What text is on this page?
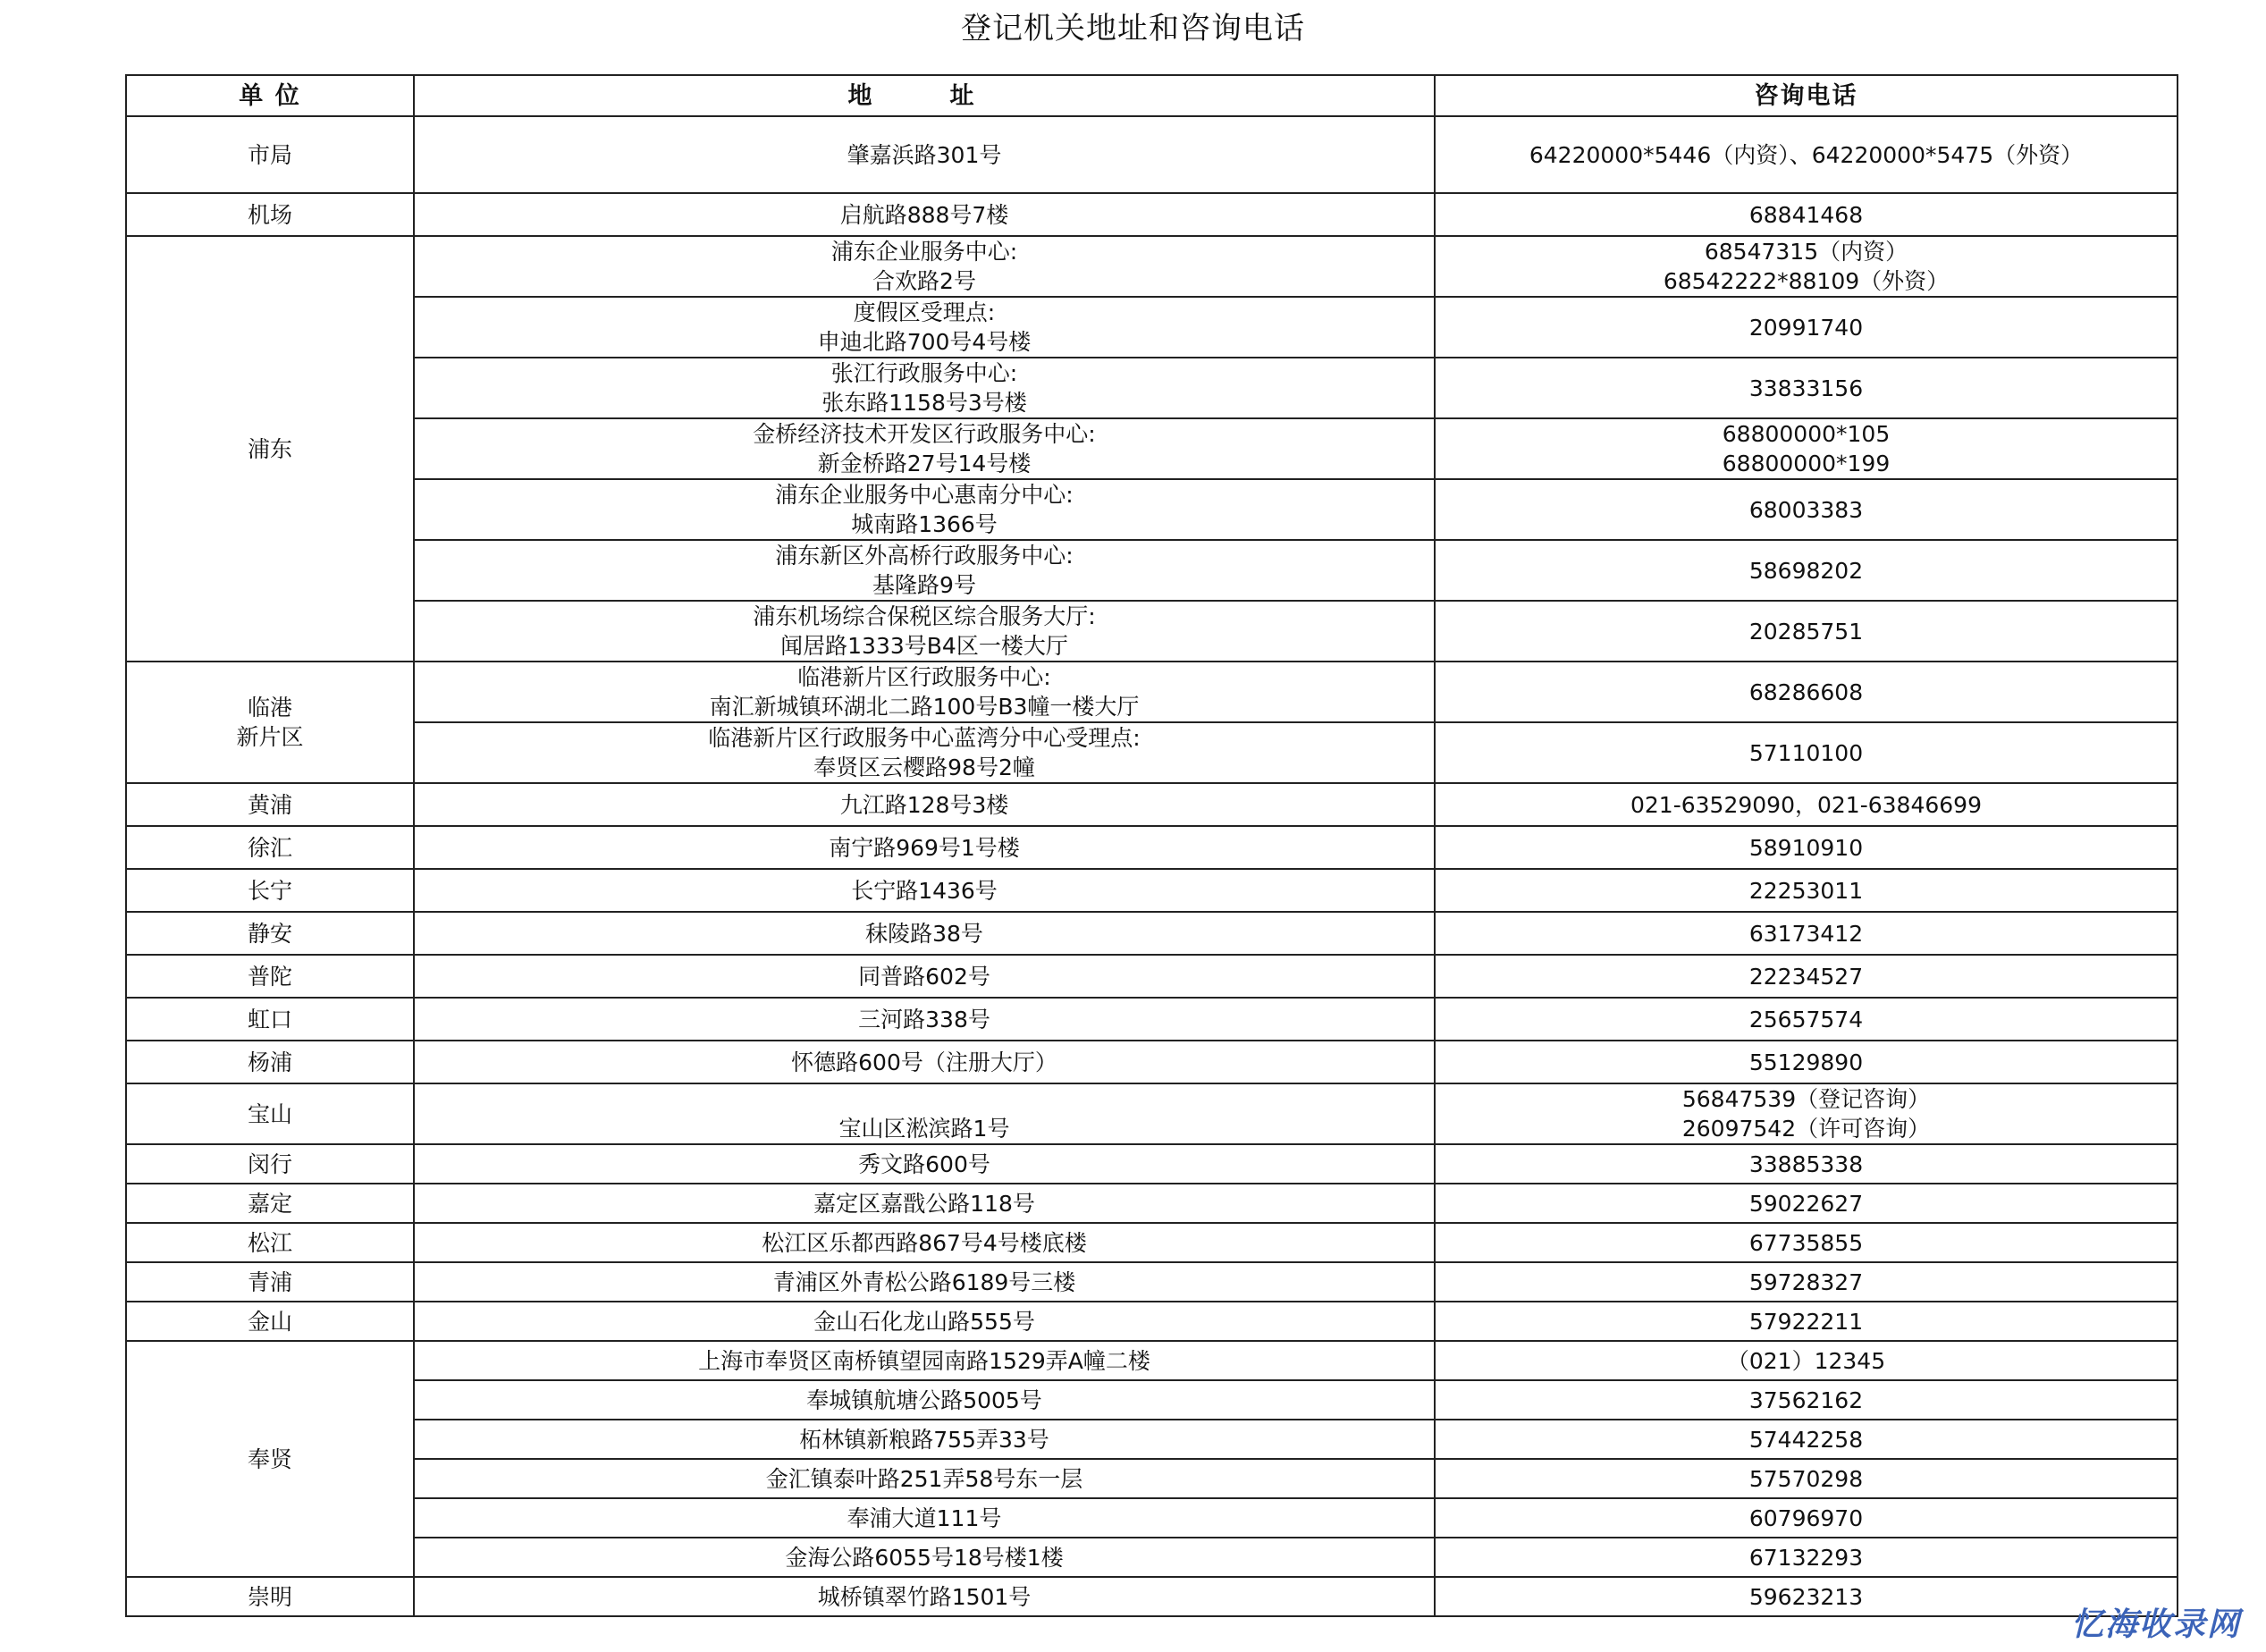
登记机关地址和咨询电话
单 位	地　址	咨询电话

市局	肇嘉浜路301号	64220000*5446（内资）、64220000*5475（外资）

机场	启航路888号7楼	68841468

浦东	浦东企业服务中心:
合欢路2号	68547315（内资）
68542222*88109（外资）

	度假区受理点:
申迪北路700号4号楼	20991740

	张江行政服务中心:
张东路1158号3号楼	33833156

	金桥经济技术开发区行政服务中心:
新金桥路27号14号楼	68800000*105
68800000*199

	浦东企业服务中心惠南分中心:
城南路1366号	68003383

	浦东新区外高桥行政服务中心:
基隆路9号	58698202

	浦东机场综合保税区综合服务大厅:
闻居路1333号B4区一楼大厅	20285751

临港
新片区	临港新片区行政服务中心:
南汇新城镇环湖北二路100号B3幢一楼大厅	68286608

	临港新片区行政服务中心蓝湾分中心受理点:
奉贤区云樱路98号2幢	57110100

黄浦	九江路128号3楼	021-63529090，021-63846699

徐汇	南宁路969号1号楼	58910910

长宁	长宁路1436号	22253011

静安	秣陵路38号	63173412

普陀	同普路602号	22234527

虹口	三河路338号	25657574

杨浦	怀德路600号（注册大厅）	55129890

宝山	宝山区淞滨路1号	56847539（登记咨询）
26097542（许可咨询）

闵行	秀文路600号	33885338

嘉定	嘉定区嘉戬公路118号	59022627

松江	松江区乐都西路867号4号楼底楼	67735855

青浦	青浦区外青松公路6189号三楼	59728327

金山	金山石化龙山路555号	57922211

奉贤	上海市奉贤区南桥镇望园南路1529弄A幢二楼	（021）12345

	奉城镇航塘公路5005号	37562162

	柘林镇新粮路755弄33号	57442258

	金汇镇泰叶路251弄58号东一层	57570298

	奉浦大道111号	60796970

	金海公路6055号18号楼1楼	67132293

崇明	城桥镇翠竹路1501号	59623213
忆海收录网
